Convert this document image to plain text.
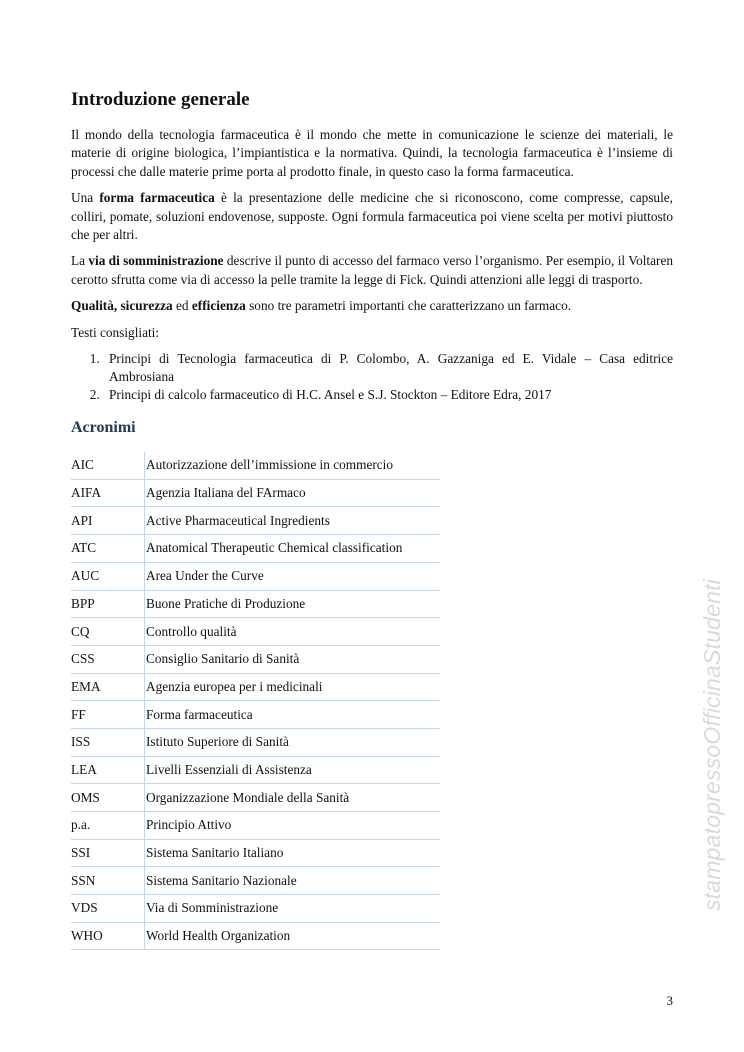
Introduzione generale

Il mondo della tecnologia farmaceutica è il mondo che mette in comunicazione le scienze dei materiali, le materie di origine biologica, l’impiantistica e la normativa. Quindi, la tecnologia farmaceutica è l’insieme di processi che dalle materie prime porta al prodotto finale, in questo caso la forma farmaceutica.

Una forma farmaceutica è la presentazione delle medicine che si riconoscono, come compresse, capsule, colliri, pomate, soluzioni endovenose, supposte. Ogni formula farmaceutica poi viene scelta per motivi piuttosto che per altri.

La via di somministrazione descrive il punto di accesso del farmaco verso l’organismo. Per esempio, il Voltaren cerotto sfrutta come via di accesso la pelle tramite la legge di Fick. Quindi attenzioni alle leggi di trasporto.

Qualità, sicurezza ed efficienza sono tre parametri importanti che caratterizzano un farmaco.

Testi consigliati:

1. Principi di Tecnologia farmaceutica di P. Colombo, A. Gazzaniga ed E. Vidale – Casa editrice Ambrosiana
2. Principi di calcolo farmaceutico di H.C. Ansel e S.J. Stockton – Editore Edra, 2017
Acronimi
AIC	Autorizzazione dell’immissione in commercio
AIFA	Agenzia Italiana del FArmaco
API	Active Pharmaceutical Ingredients
ATC	Anatomical Therapeutic Chemical classification
AUC	Area Under the Curve
BPP	Buone Pratiche di Produzione
CQ	Controllo qualità
CSS	Consiglio Sanitario di Sanità
EMA	Agenzia europea per i medicinali
FF	Forma farmaceutica
ISS	Istituto Superiore di Sanità
LEA	Livelli Essenziali di Assistenza
OMS	Organizzazione Mondiale della Sanità
p.a.	Principio Attivo
SSI	Sistema Sanitario Italiano
SSN	Sistema Sanitario Nazionale
VDS	Via di Somministrazione
WHO	World Health Organization
stampatopressoOfficinaStudenti
3
